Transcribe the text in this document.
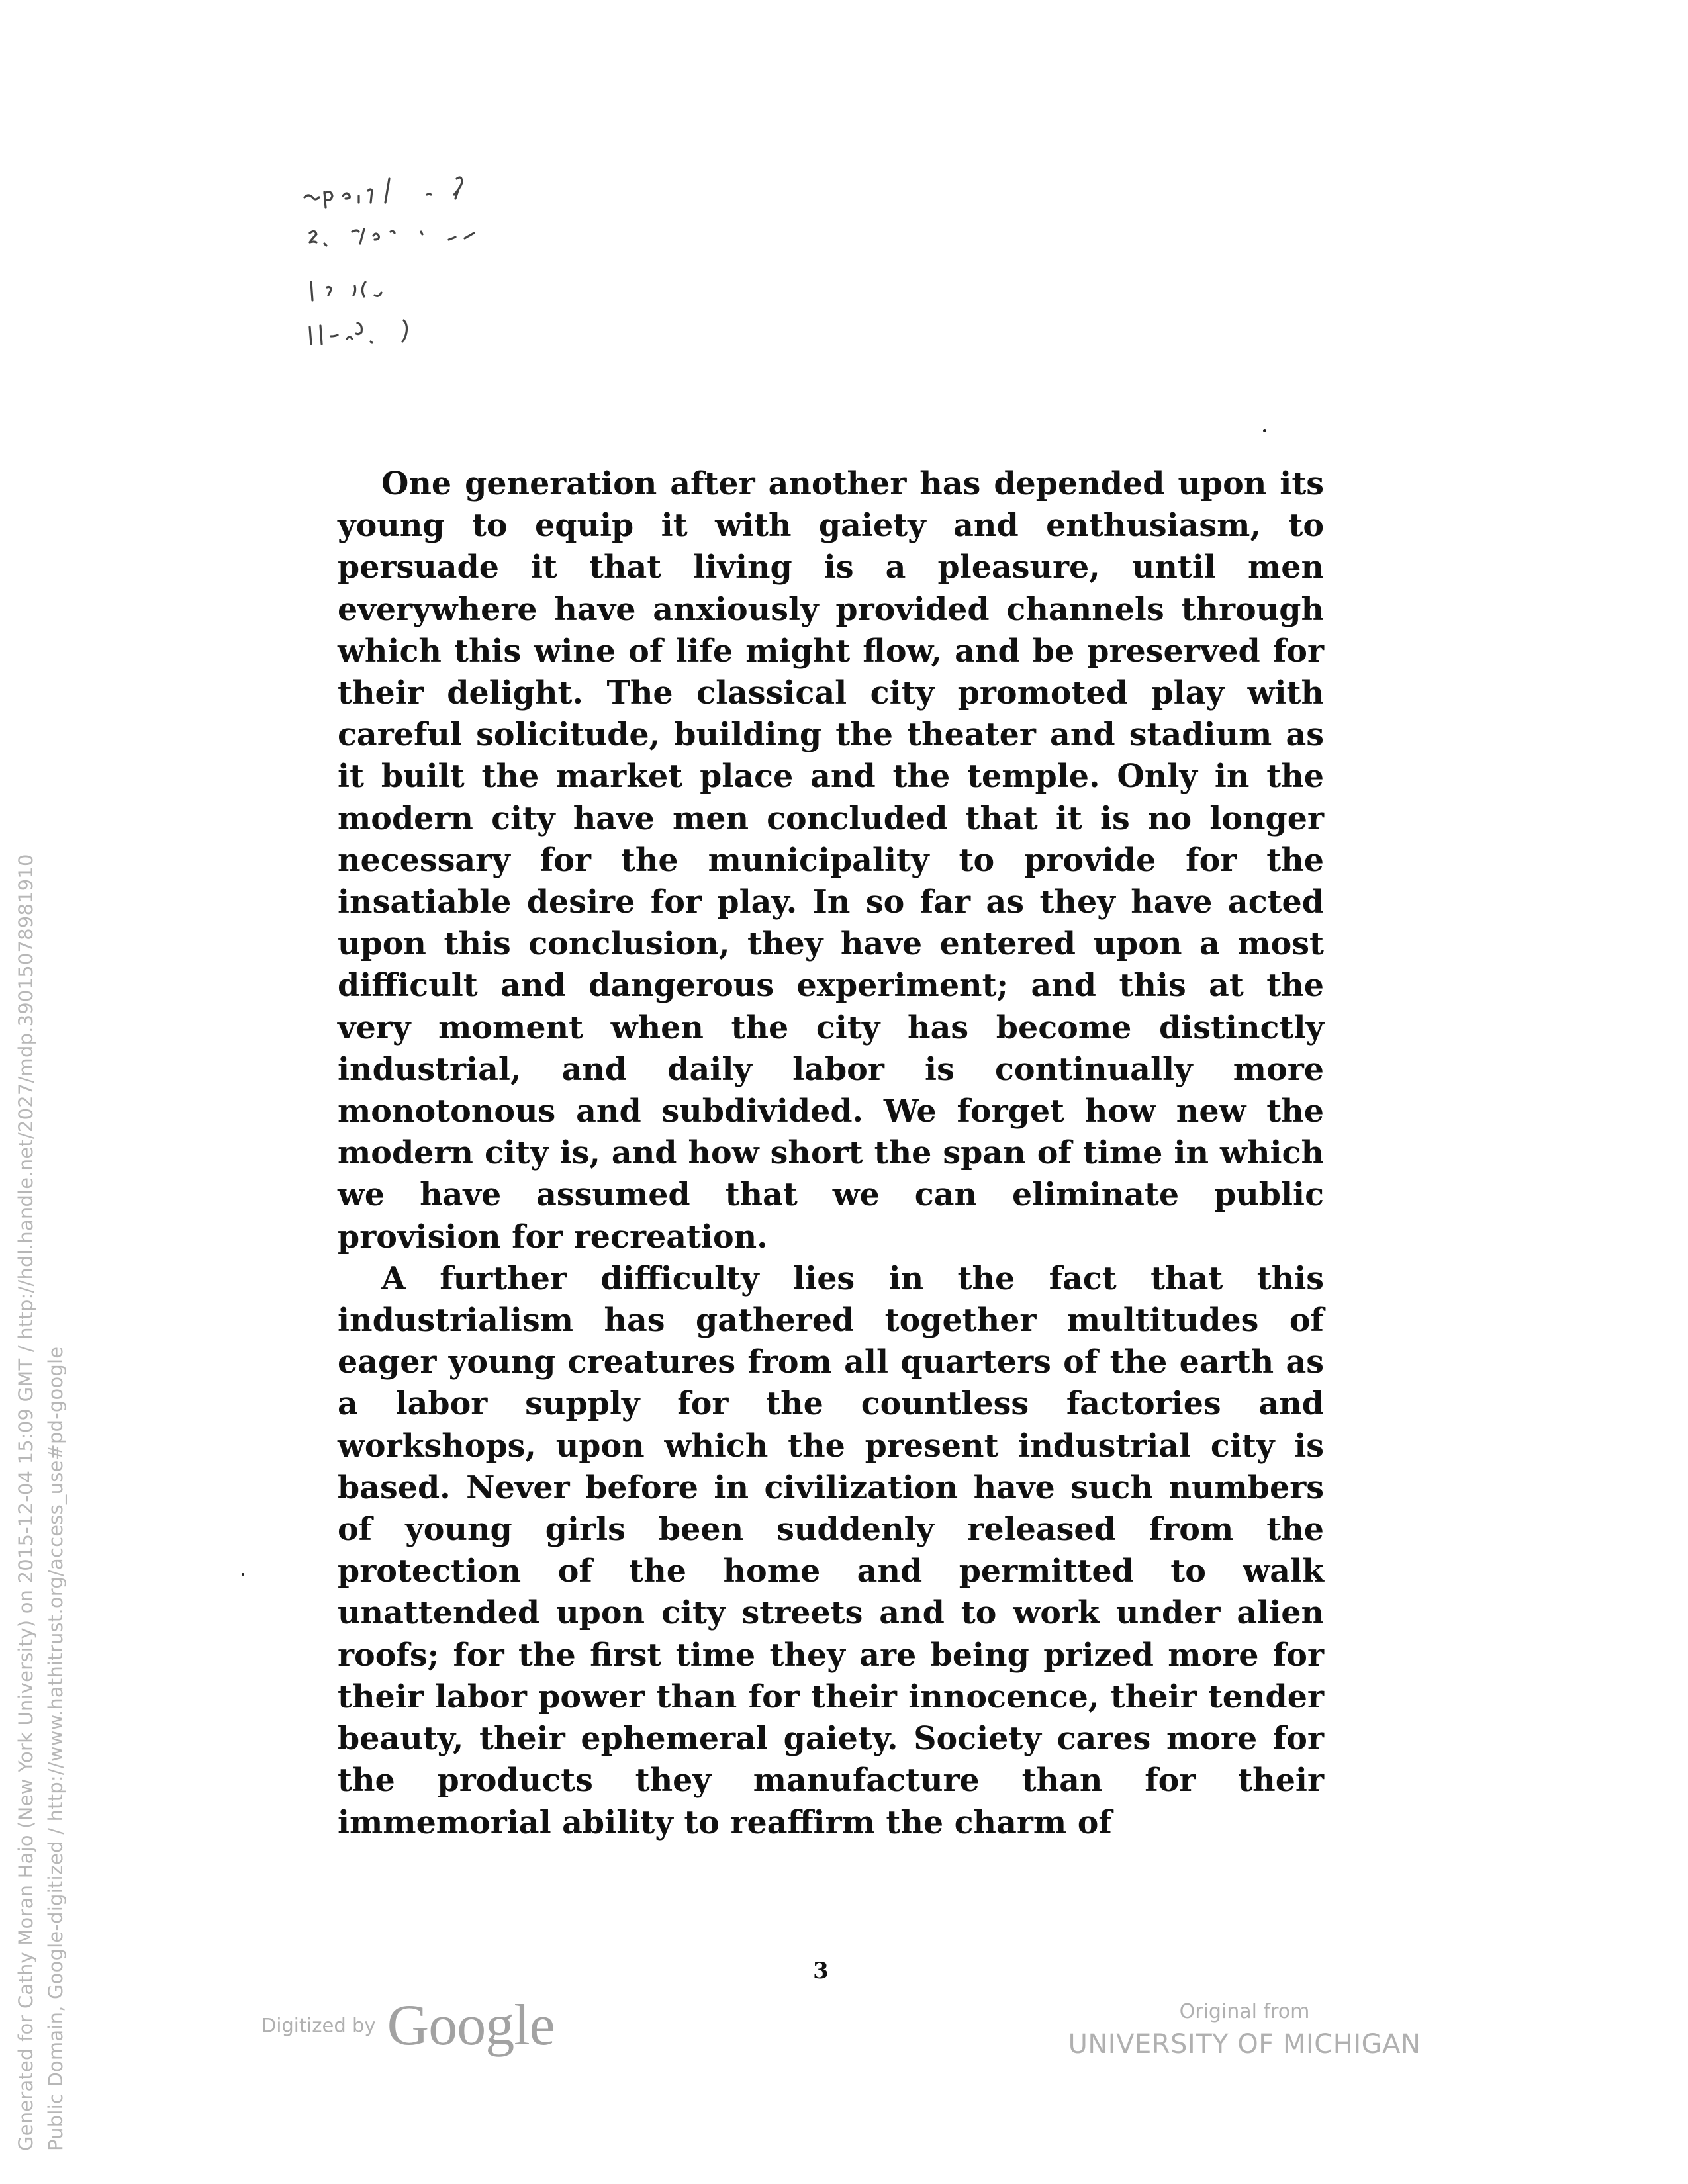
Generated for Cathy Moran Hajo (New York University) on 2015-12-04 15:09 GMT / http://hdl.handle.net/2027/mdp.39015078981910 Public Domain, Google-digitized / http://www.hathitrust.org/access_use#pd-google

One generation after another has depended upon its young to equip it with gaiety and enthusiasm, to persuade it that living is a pleasure, until men everywhere have anxiously provided channels through which this wine of life might flow, and be preserved for their delight. The classical city promoted play with careful solicitude, building the theater and stadium as it built the market place and the temple. Only in the modern city have men concluded that it is no longer necessary for the municipality to provide for the insatiable desire for play. In so far as they have acted upon this conclusion, they have entered upon a most difficult and dangerous experiment; and this at the very moment when the city has become distinctly industrial, and daily labor is continually more monotonous and subdivided. We forget how new the modern city is, and how short the span of time in which we have assumed that we can eliminate public provision for recreation.

A further difficulty lies in the fact that this industrialism has gathered together multitudes of eager young creatures from all quarters of the earth as a labor supply for the countless factories and workshops, upon which the present industrial city is based. Never before in civilization have such numbers of young girls been suddenly released from the protection of the home and permitted to walk unattended upon city streets and to work under alien roofs; for the first time they are being prized more for their labor power than for their innocence, their tender beauty, their ephemeral gaiety. Society cares more for the products they manufacture than for their immemorial ability to reaffirm the charm of

3
Digitized by Google	Original from
UNIVERSITY OF MICHIGAN
